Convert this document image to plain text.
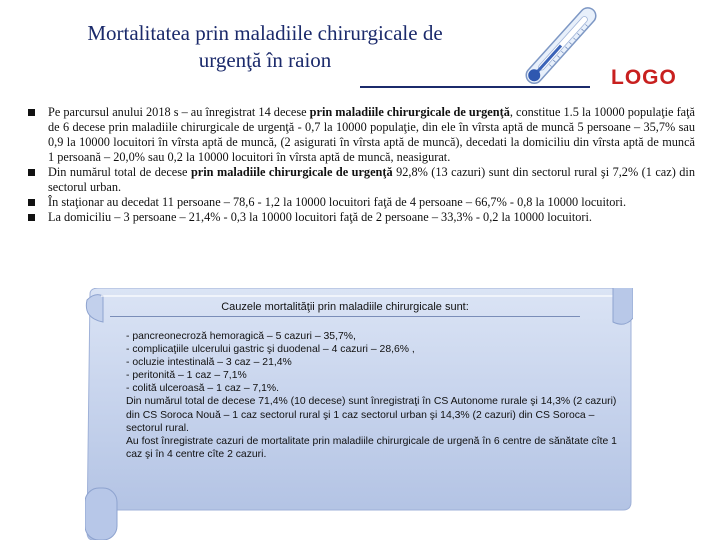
Mortalitatea prin maladiile chirurgicale de
urgenţă în raion
LOGO
Pe parcursul anului 2018 s – au înregistrat 14 decese prin maladiile chirurgicale de urgenţă, constitue 1.5 la 10000 populaţie faţă de 6 decese prin maladiile chirurgicale de urgenţă - 0,7 la 10000 populaţie, din ele în vîrsta aptă de muncă 5 persoane – 35,7% sau 0,9 la 10000 locuitori în vîrsta aptă de muncă, (2 asigurati în vîrsta aptă de muncă), decedati la domiciliu din vîrsta aptă de muncă 1 persoană – 20,0% sau 0,2 la 10000 locuitori în vîrsta aptă de muncă, neasigurat.
Din numărul total de decese prin maladiile chirurgicale de urgenţă 92,8% (13 cazuri) sunt din sectorul rural şi 7,2% (1 caz) din sectorul urban.
În staţionar au decedat 11 persoane – 78,6 - 1,2 la 10000 locuitori faţă de 4 persoane – 66,7% - 0,8 la 10000 locuitori.
La domiciliu – 3 persoane – 21,4% - 0,3 la 10000 locuitori faţă de 2 persoane – 33,3% - 0,2 la 10000 locuitori.
Cauzele mortalităţii prin maladiile chirurgicale sunt:
- pancreonecroză hemoragică – 5 cazuri – 35,7%,
- complicaţiile ulcerului gastric şi duodenal – 4 cazuri – 28,6% ,
- ocluzie intestinală – 3 caz – 21,4%
- peritonită – 1 caz – 7,1%
- colită ulceroasă – 1 caz – 7,1%.
Din numărul total de decese 71,4% (10 decese) sunt înregistraţi în CS Autonome rurale şi 14,3% (2 cazuri) din CS Soroca Nouă – 1 caz sectorul rural şi 1 caz sectorul urban şi 14,3% (2 cazuri) din CS Soroca – sectorul rural.
Au fost înregistrate cazuri de mortalitate prin maladiile chirurgicale de urgenă în 6 centre de sănătate cîte 1 caz şi în 4 centre cîte 2 cazuri.
